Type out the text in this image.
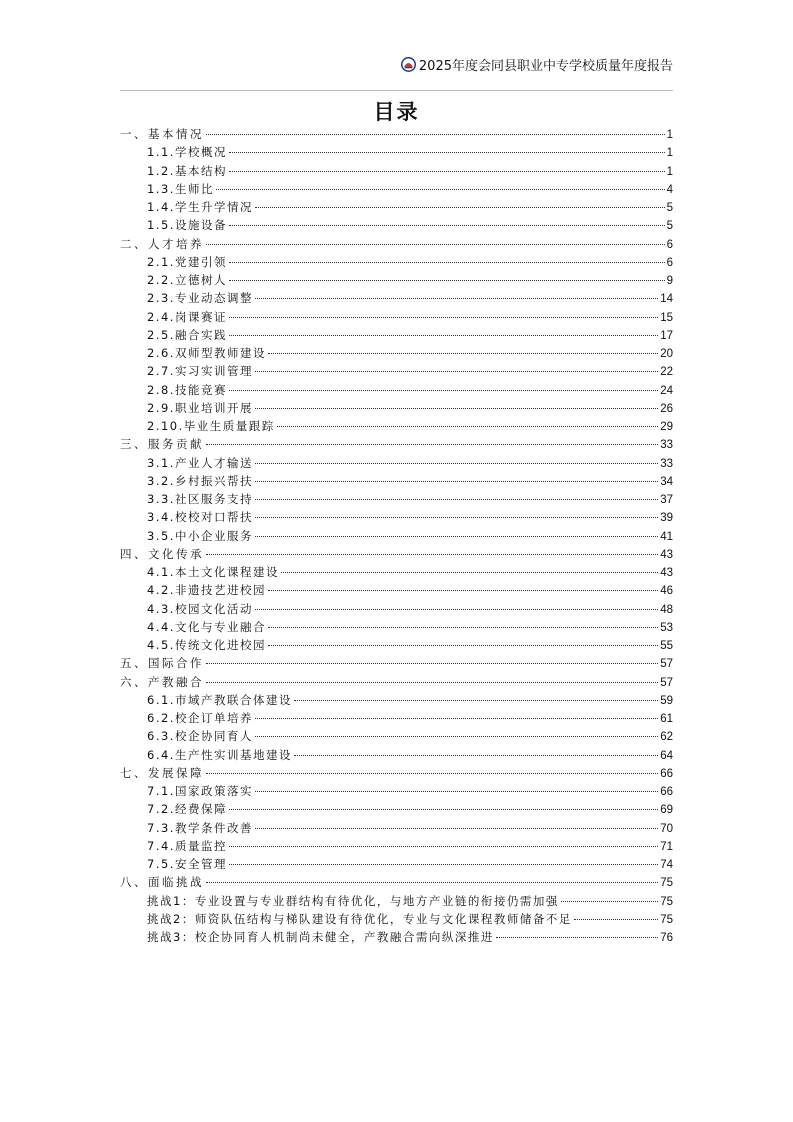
2025年度会同县职业中专学校质量年度报告
目录
一、基本情况	1
1.1.学校概况	1
1.2.基本结构	1
1.3.生师比	4
1.4.学生升学情况	5
1.5.设施设备	5
二、人才培养	6
2.1.党建引领	6
2.2.立德树人	9
2.3.专业动态调整	14
2.4.岗课赛证	15
2.5.融合实践	17
2.6.双师型教师建设	20
2.7.实习实训管理	22
2.8.技能竞赛	24
2.9.职业培训开展	26
2.10.毕业生质量跟踪	29
三、服务贡献	33
3.1.产业人才输送	33
3.2.乡村振兴帮扶	34
3.3.社区服务支持	37
3.4.校校对口帮扶	39
3.5.中小企业服务	41
四、文化传承	43
4.1.本土文化课程建设	43
4.2.非遗技艺进校园	46
4.3.校园文化活动	48
4.4.文化与专业融合	53
4.5.传统文化进校园	55
五、国际合作	57
六、产教融合	57
6.1.市域产教联合体建设	59
6.2.校企订单培养	61
6.3.校企协同育人	62
6.4.生产性实训基地建设	64
七、发展保障	66
7.1.国家政策落实	66
7.2.经费保障	69
7.3.教学条件改善	70
7.4.质量监控	71
7.5.安全管理	74
八、面临挑战	75
挑战1：专业设置与专业群结构有待优化，与地方产业链的衔接仍需加强	75
挑战2：师资队伍结构与梯队建设有待优化，专业与文化课程教师储备不足	75
挑战3：校企协同育人机制尚未健全，产教融合需向纵深推进	76
